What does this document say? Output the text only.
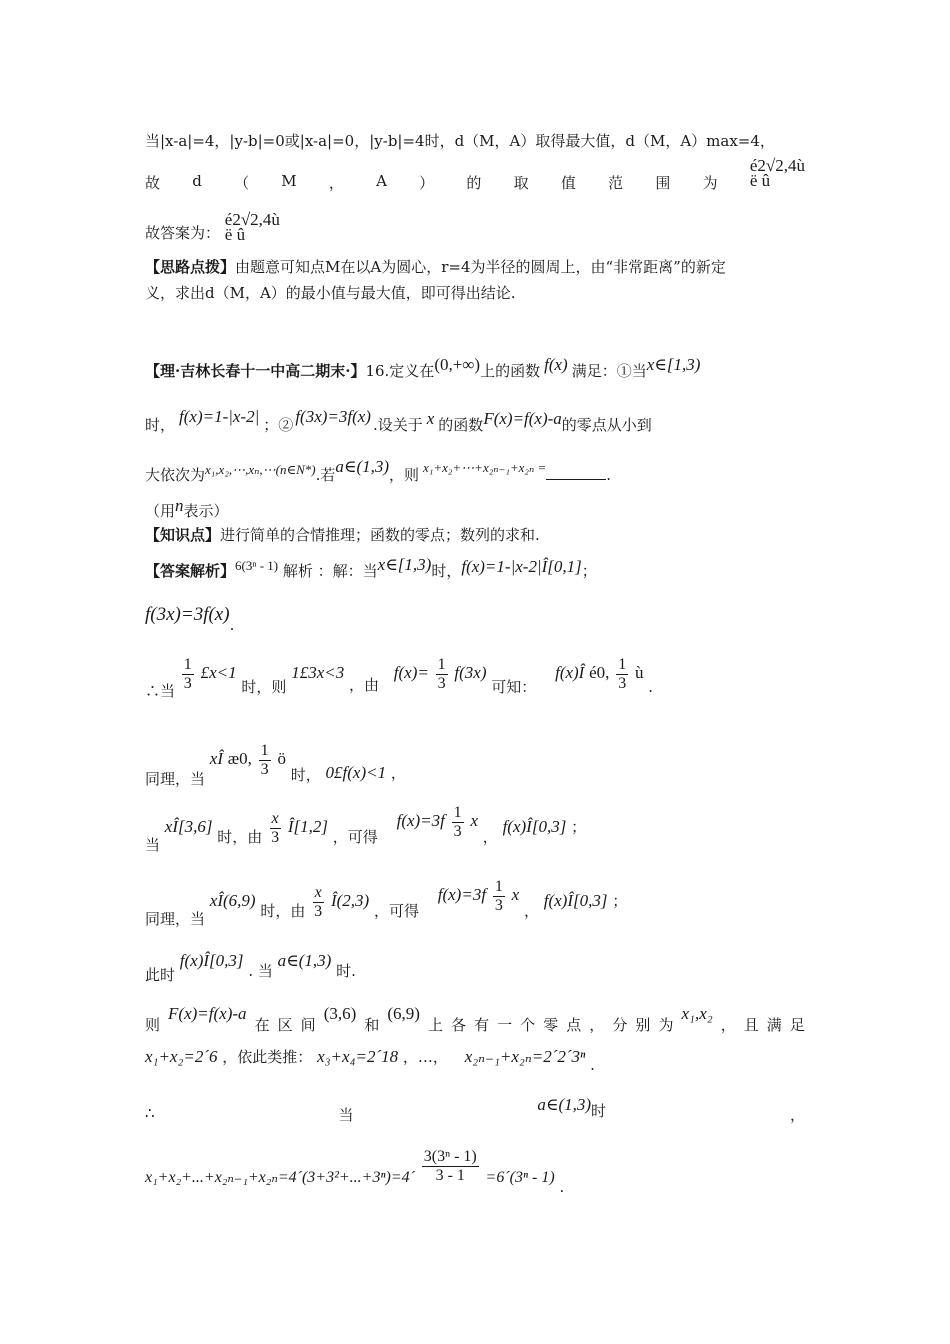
当|x-a|=4，|y-b|=0或|x-a|=0，|y-b|=4时，d（M，A）取得最大值，d（M，A）max=4，
故 d （ M ， A ） 的 取 值 范 围 为
é2√2,4ù
ë û
故答案为：
é2√2,4ù
ë û
【思路点拨】由题意可知点M在以A为圆心，r=4为半径的圆周上，由“非常距离”的新定
义，求出d（M，A）的最小值与最大值，即可得出结论.
【理·吉林长春十一中高二期末·】16.定义在(0,+∞)上的函数 f(x) 满足：①当x∈[1,3)
时， f(x)=1-|x-2| ；② f(3x)=3f(x) .设关于 x 的函数F(x)=f(x)-a的零点从小到
大依次为x₁,x₂,⋯,xₙ,⋯(n∈N*).若a∈(1,3)，则 x₁+x₂+⋯+x₂ₙ₋₁+x₂ₙ =	.
（用n表示）
【知识点】进行简单的合情推理；函数的零点；数列的求和.
【答案解析】6(3ⁿ - 1) 解析 ：解：当x∈[1,3)时，f(x)=1-|x-2|Î[0,1]；
f(3x)=3f(x).
∴当 $\frac{1}{3}$ £x<1 时，则 1£3x<3 ，由 $f(x)= \frac{1}{3} f(3x)$ 可知： f(x)Î é0, $\frac{1}{3}$ ù .
同理，当 xÎ æ0, $\frac{1}{3}$ ö 时， 0£f(x)<1 ，
当 xÎ[3,6] 时，由 $\frac{x}{3}$ Î[1,2] ，可得 $f(x)=3f \frac{1}{3}$ x ， f(x)Î[0,3] ；
同理，当 xÎ(6,9) 时，由 $\frac{x}{3}$ Î(2,3) ，可得 $f(x)=3f \frac{1}{3}$ x ， f(x)Î[0,3] ；
此时 f(x)Î[0,3] . 当 a∈(1,3) 时.
则
F(x)=f(x)-a
在 区 间
(3,6)
和
(6,9)
上 各 有 一 个 零 点 ， 分 别 为
x₁,x₂
， 且 满 足
x₁+x₂=2´6 ，依此类推： x₃+x₄=2´18 ，…， x₂ₙ₋₁+x₂ₙ=2´2´3ⁿ .
∴	当
a∈(1,3)时	，
x₁+x₂+...+x₂ₙ₋₁+x₂ₙ=4´(3+3²+...+3ⁿ)=4´ $\frac{\text{3(3ⁿ - 1)}}{3 - 1}$ =6´(3ⁿ - 1) .
